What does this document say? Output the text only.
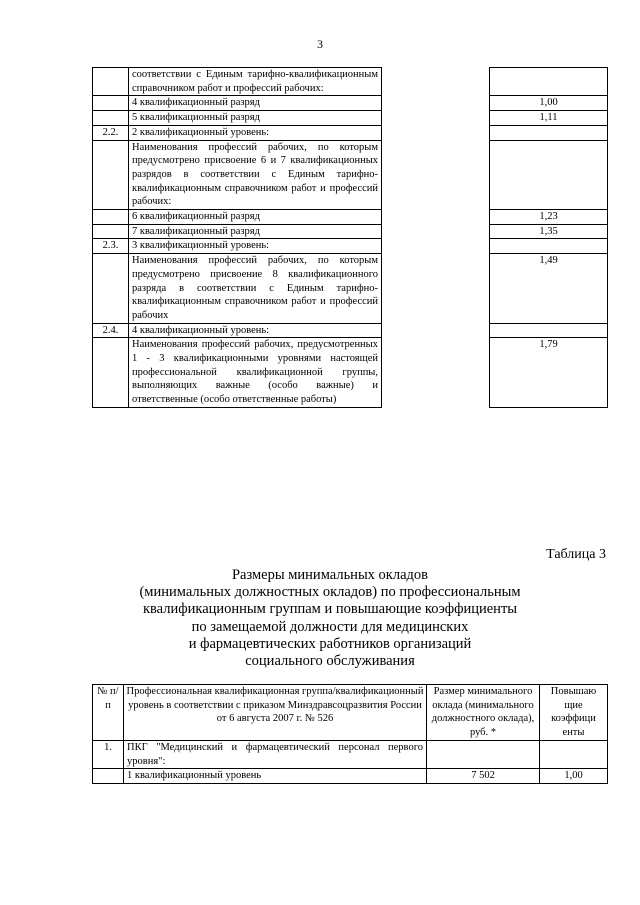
3
	соответствии с Единым тарифно-квалификационным справочником работ и профессий рабочих:		
	4 квалификационный разряд		1,00
	5 квалификационный разряд		1,11
2.2.	2 квалификационный уровень:		
	Наименования профессий рабочих, по которым предусмотрено присвоение 6 и 7 квалификационных разрядов в соответствии с Единым тарифно-квалификационным справочником работ и профессий рабочих:		
	6 квалификационный разряд		1,23
	7 квалификационный разряд		1,35
2.3.	3 квалификационный уровень:		
	Наименования профессий рабочих, по которым предусмотрено присвоение 8 квалификационного разряда в соответствии с Единым тарифно-квалификационным справочником работ и профессий рабочих		1,49
2.4.	4 квалификационный уровень:		
	Наименования профессий рабочих, предусмотренных 1 - 3 квалификационными уровнями настоящей профессиональной квалификационной группы, выполняющих важные (особо важные) и ответственные (особо ответственные работы)		1,79
Таблица 3
Размеры минимальных окладов
(минимальных должностных окладов) по профессиональным
квалификационным группам и повышающие коэффициенты
по замещаемой должности для медицинских
и фармацевтических работников организаций
социального обслуживания
№ п/п	Профессиональная квалификационная группа/квалификационный уровень в соответствии с приказом Минздравсоцразвития России от 6 августа 2007 г. № 526	Размер минимального оклада (минимального должностного оклада), руб. *	Повышаю щие коэффици енты
1.	ПКГ "Медицинский и фармацевтический персонал первого уровня":		
	1 квалификационный уровень	7 502	1,00
